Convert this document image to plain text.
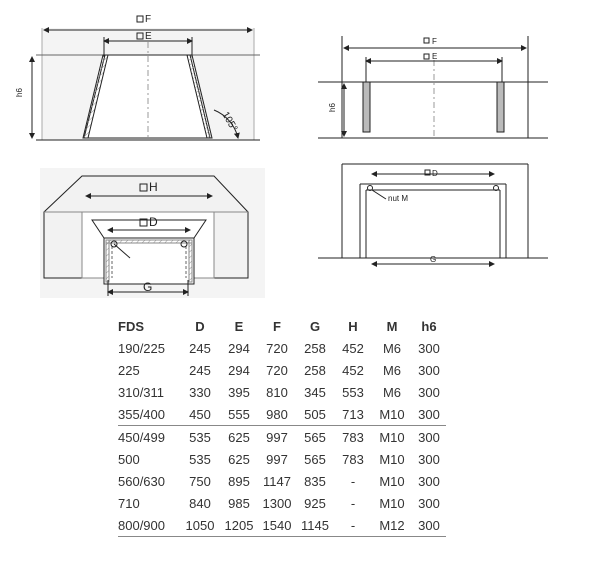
F
E
h6
105°
F
E
h6
H
D
G
D
nut M
G
FDS	D	E	F	G	H	M	h6
190/225	245	294	720	258	452	M6	300
225	245	294	720	258	452	M6	300
310/311	330	395	810	345	553	M6	300
355/400	450	555	980	505	713	M10	300
450/499	535	625	997	565	783	M10	300
500	535	625	997	565	783	M10	300
560/630	750	895	1147	835	-	M10	300
710	840	985	1300	925	-	M10	300
800/900	1050	1205	1540	1145	-	M12	300
